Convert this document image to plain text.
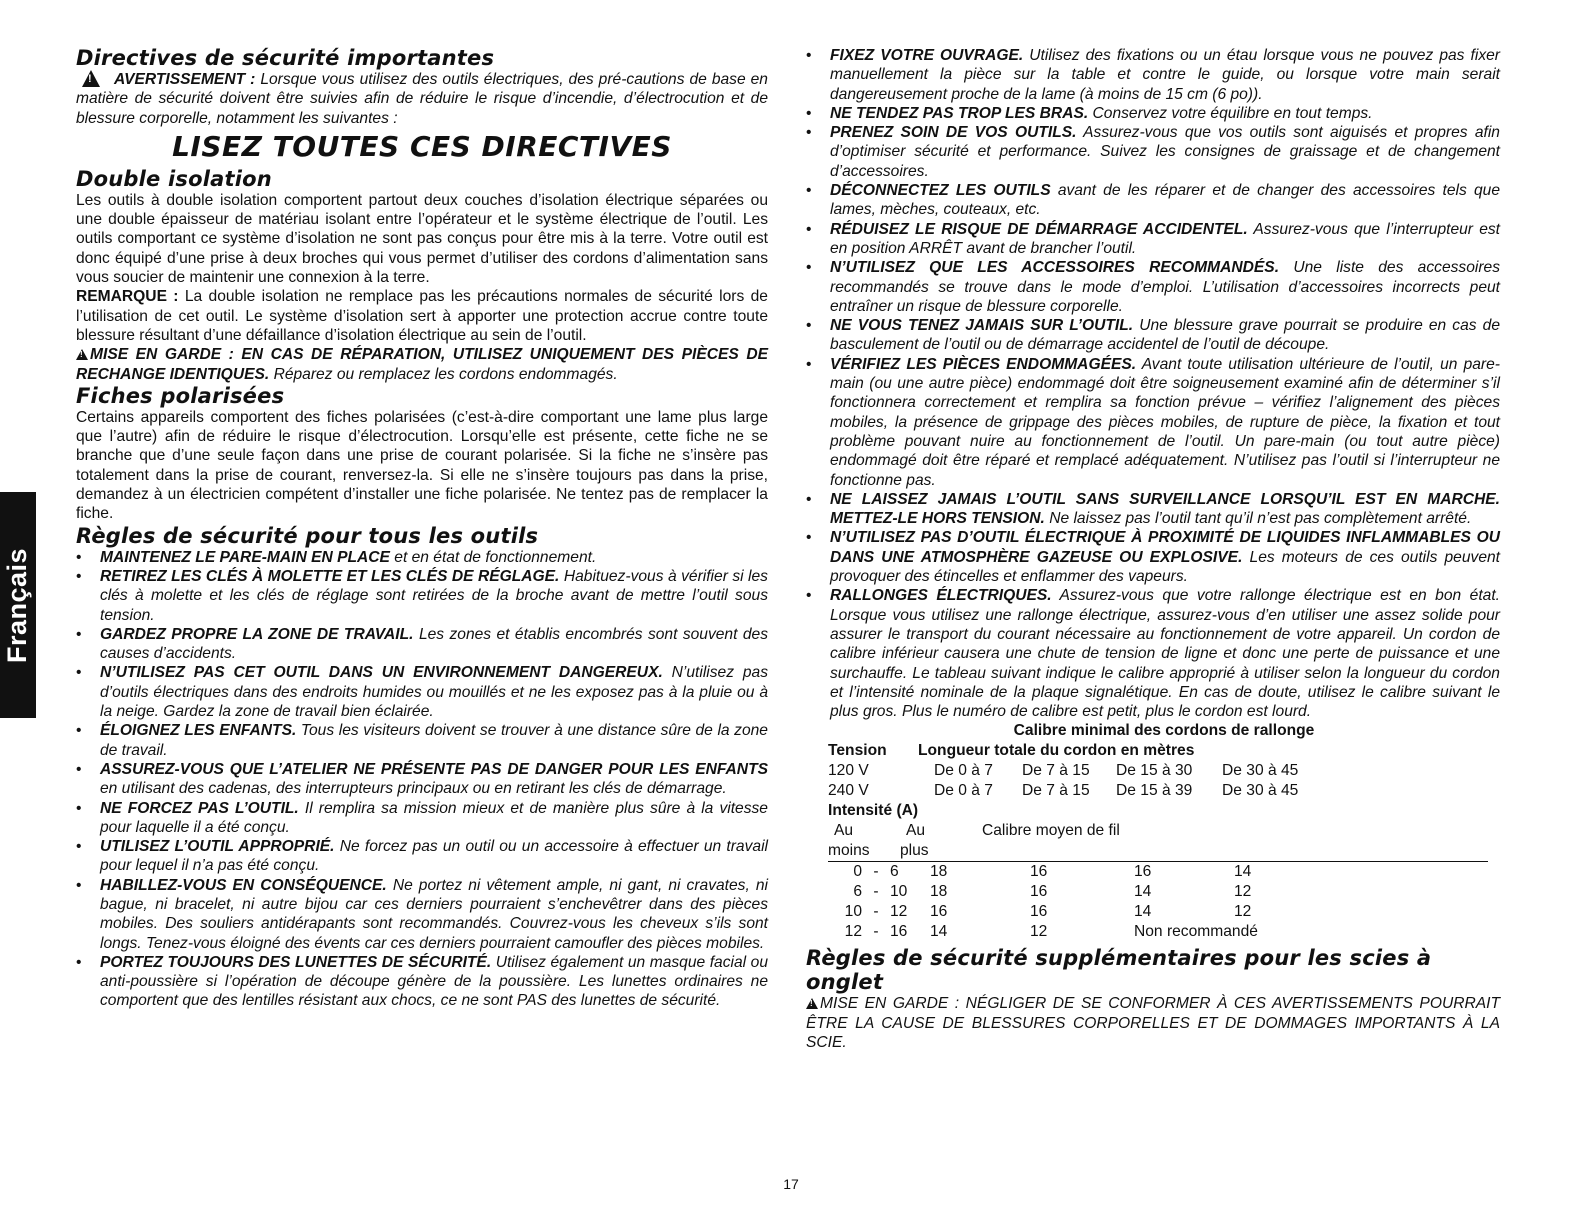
Français
Directives de sécurité importantes

!AVERTISSEMENT : Lorsque vous utilisez des outils électriques, des pré-cautions de base en matière de sécurité doivent être suivies afin de réduire le risque d’incendie, d’électrocution et de blessure corporelle, notamment les suivantes :

LISEZ TOUTES CES DIRECTIVES
Double isolation

Les outils à double isolation comportent partout deux couches d’isolation électrique séparées ou une double épaisseur de matériau isolant entre l’opérateur et le système électrique de l’outil. Les outils comportant ce système d’isolation ne sont pas conçus pour être mis à la terre. Votre outil est donc équipé d’une prise à deux broches qui vous permet d’utiliser des cordons d’alimentation sans vous soucier de maintenir une connexion à la terre.

REMARQUE : La double isolation ne remplace pas les précautions normales de sécurité lors de l’utilisation de cet outil. Le système d’isolation sert à apporter une protection accrue contre toute blessure résultant d’une défaillance d’isolation électrique au sein de l’outil.

!MISE EN GARDE : EN CAS DE RÉPARATION, UTILISEZ UNIQUEMENT DES PIÈCES DE RECHANGE IDENTIQUES. Réparez ou remplacez les cordons endommagés.

Fiches polarisées

Certains appareils comportent des fiches polarisées (c’est-à-dire comportant une lame plus large que l’autre) afin de réduire le risque d’électrocution. Lorsqu’elle est présente, cette fiche ne se branche que d’une seule façon dans une prise de courant polarisée. Si la fiche ne s’insère pas totalement dans la prise de courant, renversez-la. Si elle ne s’insère toujours pas dans la prise, demandez à un électricien compétent d’installer une fiche polarisée. Ne tentez pas de remplacer la fiche.

Règles de sécurité pour tous les outils
• MAINTENEZ LE PARE-MAIN EN PLACE et en état de fonctionnement.
• RETIREZ LES CLÉS À MOLETTE ET LES CLÉS DE RÉGLAGE. Habituez-vous à vérifier si les clés à molette et les clés de réglage sont retirées de la broche avant de mettre l’outil sous tension.
• GARDEZ PROPRE LA ZONE DE TRAVAIL. Les zones et établis encombrés sont souvent des causes d’accidents.
• N’UTILISEZ PAS CET OUTIL DANS UN ENVIRONNEMENT DANGEREUX. N’utilisez pas d’outils électriques dans des endroits humides ou mouillés et ne les exposez pas à la pluie ou à la neige. Gardez la zone de travail bien éclairée.
• ÉLOIGNEZ LES ENFANTS. Tous les visiteurs doivent se trouver à une distance sûre de la zone de travail.
• ASSUREZ-VOUS QUE L’ATELIER NE PRÉSENTE PAS DE DANGER POUR LES ENFANTS en utilisant des cadenas, des interrupteurs principaux ou en retirant les clés de démarrage.
• NE FORCEZ PAS L’OUTIL. Il remplira sa mission mieux et de manière plus sûre à la vitesse pour laquelle il a été conçu.
• UTILISEZ L’OUTIL APPROPRIÉ. Ne forcez pas un outil ou un accessoire à effectuer un travail pour lequel il n’a pas été conçu.
• HABILLEZ-VOUS EN CONSÉQUENCE. Ne portez ni vêtement ample, ni gant, ni cravates, ni bague, ni bracelet, ni autre bijou car ces derniers pourraient s’enchevêtrer dans des pièces mobiles. Des souliers antidérapants sont recommandés. Couvrez-vous les cheveux s’ils sont longs. Tenez-vous éloigné des évents car ces derniers pourraient camoufler des pièces mobiles.
• PORTEZ TOUJOURS DES LUNETTES DE SÉCURITÉ. Utilisez également un masque facial ou anti-poussière si l’opération de découpe génère de la poussière. Les lunettes ordinaires ne comportent que des lentilles résistant aux chocs, ce ne sont PAS des lunettes de sécurité.
• FIXEZ VOTRE OUVRAGE. Utilisez des fixations ou un étau lorsque vous ne pouvez pas fixer manuellement la pièce sur la table et contre le guide, ou lorsque votre main serait dangereusement proche de la lame (à moins de 15 cm (6 po)).
• NE TENDEZ PAS TROP LES BRAS. Conservez votre équilibre en tout temps.
• PRENEZ SOIN DE VOS OUTILS. Assurez-vous que vos outils sont aiguisés et propres afin d’optimiser sécurité et performance. Suivez les consignes de graissage et de changement d’accessoires.
• DÉCONNECTEZ LES OUTILS avant de les réparer et de changer des accessoires tels que lames, mèches, couteaux, etc.
• RÉDUISEZ LE RISQUE DE DÉMARRAGE ACCIDENTEL. Assurez-vous que l’interrupteur est en position ARRÊT avant de brancher l’outil.
• N’UTILISEZ QUE LES ACCESSOIRES RECOMMANDÉS. Une liste des accessoires recommandés se trouve dans le mode d’emploi. L’utilisation d’accessoires incorrects peut entraîner un risque de blessure corporelle.
• NE VOUS TENEZ JAMAIS SUR L’OUTIL. Une blessure grave pourrait se produire en cas de basculement de l’outil ou de démarrage accidentel de l’outil de découpe.
• VÉRIFIEZ LES PIÈCES ENDOMMAGÉES. Avant toute utilisation ultérieure de l’outil, un pare-main (ou une autre pièce) endommagé doit être soigneusement examiné afin de déterminer s’il fonctionnera correctement et remplira sa fonction prévue – vérifiez l’alignement des pièces mobiles, la présence de grippage des pièces mobiles, de rupture de pièce, la fixation et tout problème pouvant nuire au fonctionnement de l’outil. Un pare-main (ou tout autre pièce) endommagé doit être réparé et remplacé adéquatement. N’utilisez pas l’outil si l’interrupteur ne fonctionne pas.
• NE LAISSEZ JAMAIS L’OUTIL SANS SURVEILLANCE LORSQU’IL EST EN MARCHE. METTEZ-LE HORS TENSION. Ne laissez pas l’outil tant qu’il n’est pas complètement arrêté.
• N’UTILISEZ PAS D’OUTIL ÉLECTRIQUE À PROXIMITÉ DE LIQUIDES INFLAMMABLES OU DANS UNE ATMOSPHÈRE GAZEUSE OU EXPLOSIVE. Les moteurs de ces outils peuvent provoquer des étincelles et enflammer des vapeurs.
• RALLONGES ÉLECTRIQUES. Assurez-vous que votre rallonge électrique est en bon état. Lorsque vous utilisez une rallonge électrique, assurez-vous d’en utiliser une assez solide pour assurer le transport du courant nécessaire au fonctionnement de votre appareil. Un cordon de calibre inférieur causera une chute de tension de ligne et donc une perte de puissance et une surchauffe. Le tableau suivant indique le calibre approprié à utiliser selon la longueur du cordon et l’intensité nominale de la plaque signalétique. En cas de doute, utilisez le calibre suivant le plus gros. Plus le numéro de calibre est petit, plus le cordon est lourd.
Calibre minimal des cordons de rallonge
Tension	Longueur totale du cordon en mètres
120 V	De 0 à 7	De 7 à 15	De 15 à 30	De 30 à 45
240 V	De 0 à 7	De 7 à 15	De 15 à 39	De 30 à 45
Intensité (A)
Au	Au	Calibre moyen de fil
moins	plus
0 - 6	18	16	16	14
6 - 10	18	16	14	12
10 - 12	16	16	14	12
12 - 16	14	12	Non recommandé
Règles de sécurité supplémentaires pour les scies à onglet

!MISE EN GARDE : NÉGLIGER DE SE CONFORMER À CES AVERTISSEMENTS POURRAIT ÊTRE LA CAUSE DE BLESSURES CORPORELLES ET DE DOMMAGES IMPORTANTS À LA SCIE.

17
